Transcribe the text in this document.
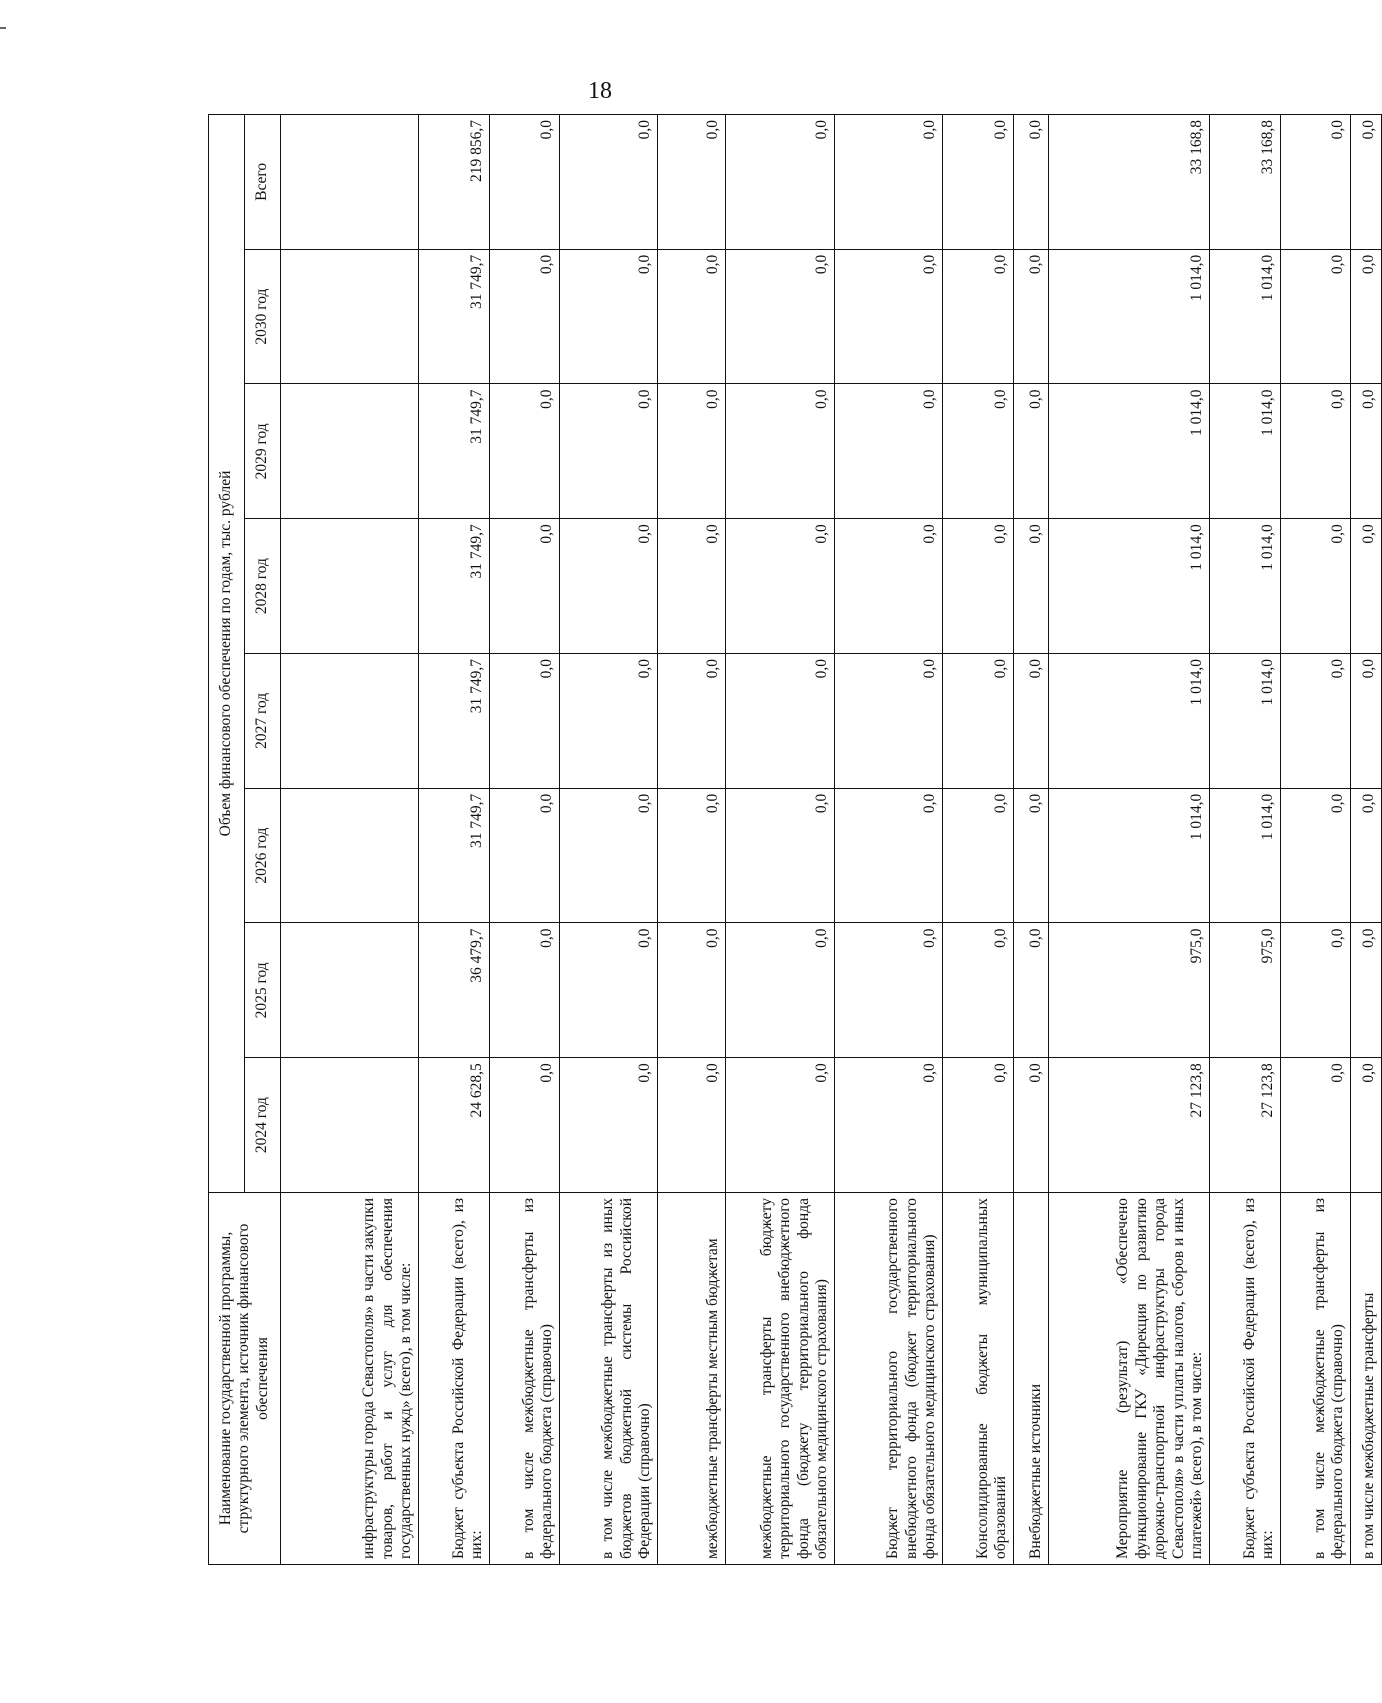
18
Наименование государственной программы, структурного элемента, источник финансового обеспечения	Объем финансового обеспечения по годам, тыс. рублей							
	2024 год	2025 год	2026 год	2027 год	2028 год	2029 год	2030 год	Всего
инфраструктуры города Севастополя» в части закупки товаров, работ и услуг для обеспечения государственных нужд» (всего), в том числе:								
Бюджет субъекта Российской Федерации (всего), из них:	24 628,5	36 479,7	31 749,7	31 749,7	31 749,7	31 749,7	31 749,7	219 856,7
в том числе межбюджетные трансферты из федерального бюджета (справочно)	0,0	0,0	0,0	0,0	0,0	0,0	0,0	0,0
в том числе межбюджетные трансферты из иных бюджетов бюджетной системы Российской Федерации (справочно)	0,0	0,0	0,0	0,0	0,0	0,0	0,0	0,0
межбюджетные трансферты местным бюджетам	0,0	0,0	0,0	0,0	0,0	0,0	0,0	0,0
межбюджетные трансферты бюджету территориального государственного внебюджетного фонда (бюджету территориального фонда обязательного медицинского страхования)	0,0	0,0	0,0	0,0	0,0	0,0	0,0	0,0
Бюджет территориального государственного внебюджетного фонда (бюджет территориального фонда обязательного медицинского страхования)	0,0	0,0	0,0	0,0	0,0	0,0	0,0	0,0
Консолидированные бюджеты муниципальных образований	0,0	0,0	0,0	0,0	0,0	0,0	0,0	0,0
Внебюджетные источники	0,0	0,0	0,0	0,0	0,0	0,0	0,0	0,0
Мероприятие (результат) «Обеспечено функционирование ГКУ «Дирекция по развитию дорожно-транспортной инфраструктуры города Севастополя» в части уплаты налогов, сборов и иных платежей» (всего), в том числе:	27 123,8	975,0	1 014,0	1 014,0	1 014,0	1 014,0	1 014,0	33 168,8
Бюджет субъекта Российской Федерации (всего), из них:	27 123,8	975,0	1 014,0	1 014,0	1 014,0	1 014,0	1 014,0	33 168,8
в том числе межбюджетные трансферты из федерального бюджета (справочно)	0,0	0,0	0,0	0,0	0,0	0,0	0,0	0,0
в том числе межбюджетные трансферты	0,0	0,0	0,0	0,0	0,0	0,0	0,0	0,0
